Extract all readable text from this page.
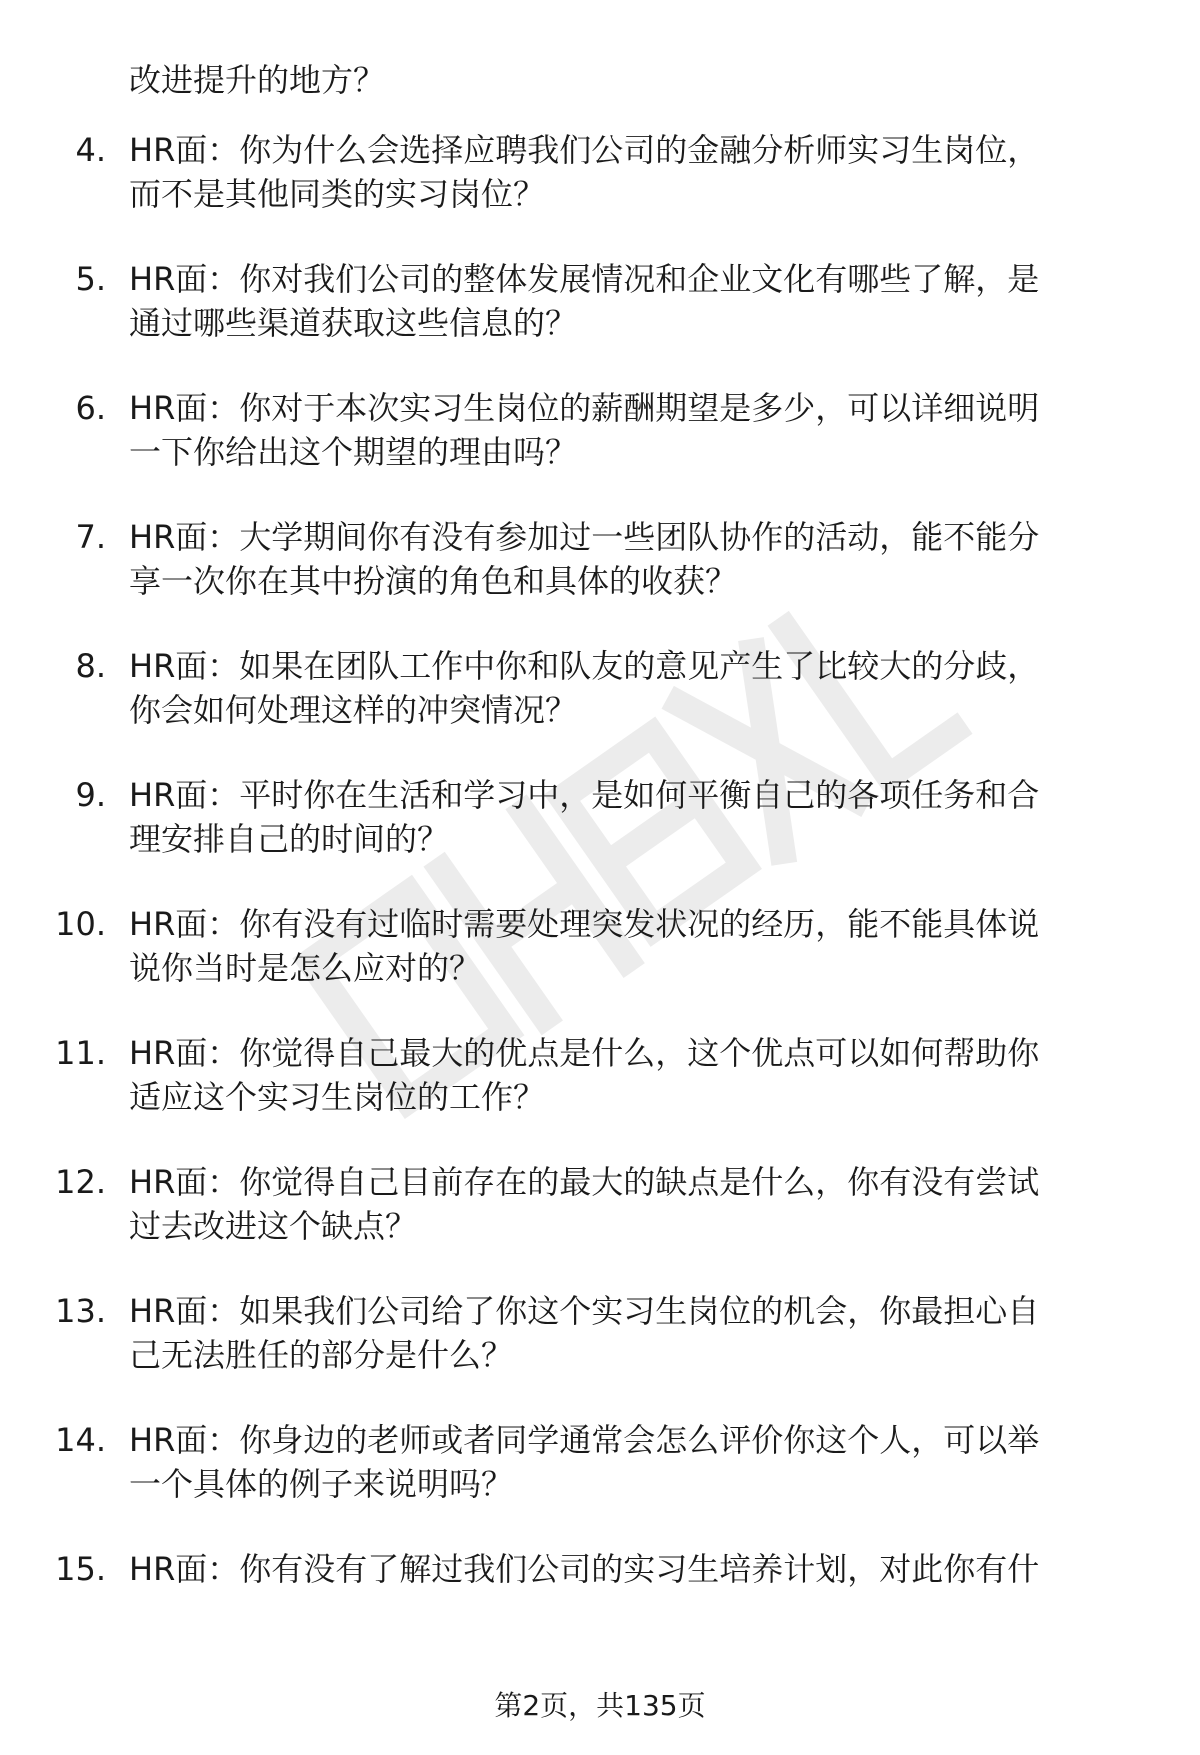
改进提升的地方？
4. HR面：你为什么会选择应聘我们公司的金融分析师实习生岗位，
而不是其他同类的实习岗位？
5. HR面：你对我们公司的整体发展情况和企业文化有哪些了解，是
通过哪些渠道获取这些信息的？
6. HR面：你对于本次实习生岗位的薪酬期望是多少，可以详细说明
一下你给出这个期望的理由吗？
7. HR面：大学期间你有没有参加过一些团队协作的活动，能不能分
享一次你在其中扮演的角色和具体的收获？
8. HR面：如果在团队工作中你和队友的意见产生了比较大的分歧，
你会如何处理这样的冲突情况？
9. HR面：平时你在生活和学习中，是如何平衡自己的各项任务和合
理安排自己的时间的？
10. HR面：你有没有过临时需要处理突发状况的经历，能不能具体说
说你当时是怎么应对的？
11. HR面：你觉得自己最大的优点是什么，这个优点可以如何帮助你
适应这个实习生岗位的工作？
12. HR面：你觉得自己目前存在的最大的缺点是什么，你有没有尝试
过去改进这个缺点？
13. HR面：如果我们公司给了你这个实习生岗位的机会，你最担心自
己无法胜任的部分是什么？
14. HR面：你身边的老师或者同学通常会怎么评价你这个人，可以举
一个具体的例子来说明吗？
15. HR面：你有没有了解过我们公司的实习生培养计划，对此你有什
第2页，共135页
